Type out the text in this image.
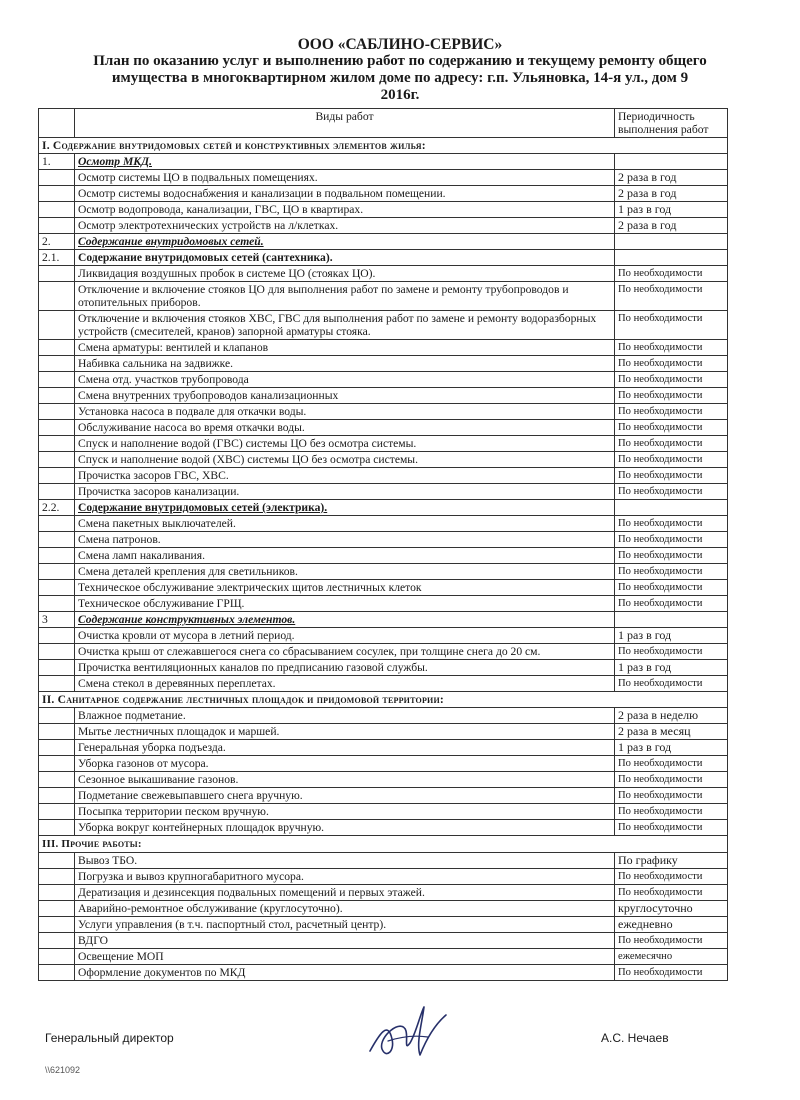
ООО «САБЛИНО-СЕРВИС»
План по оказанию услуг и выполнению работ по содержанию и текущему ремонту общего
имущества в многоквартирном жилом доме по адресу: г.п. Ульяновка, 14-я ул., дом 9
2016г.
	Виды работ	Периодичность выполнения работ
I. Содержание внутридомовых сетей и конструктивных элементов жилья:		
1.	Осмотр МКД.	
	Осмотр системы ЦО в подвальных помещениях.	2 раза в год
	Осмотр системы водоснабжения и канализации в подвальном помещении.	2 раза в год
	Осмотр водопровода, канализации, ГВС, ЦО в квартирах.	1 раз в год
	Осмотр электротехнических устройств на л/клетках.	2 раза в год
2.	Содержание внутридомовых сетей.	
2.1.	Содержание внутридомовых сетей (сантехника).	
	Ликвидация воздушных пробок в системе ЦО (стояках ЦО).	По необходимости
	Отключение и включение стояков ЦО для выполнения работ по замене и ремонту трубопроводов и отопительных приборов.	По необходимости
	Отключение и включения стояков ХВС, ГВС для выполнения работ по замене и ремонту водоразборных устройств (смесителей, кранов) запорной арматуры стояка.	По необходимости
	Смена арматуры: вентилей и клапанов	По необходимости
	Набивка сальника на задвижке.	По необходимости
	Смена отд. участков трубопровода	По необходимости
	Смена внутренних трубопроводов канализационных	По необходимости
	Установка насоса в подвале для откачки воды.	По необходимости
	Обслуживание насоса во время откачки воды.	По необходимости
	Спуск и наполнение водой (ГВС) системы ЦО без осмотра системы.	По необходимости
	Спуск и наполнение водой (ХВС) системы ЦО без осмотра системы.	По необходимости
	Прочистка засоров ГВС, ХВС.	По необходимости
	Прочистка засоров канализации.	По необходимости
2.2.	Содержание внутридомовых сетей (электрика).	
	Смена пакетных выключателей.	По необходимости
	Смена патронов.	По необходимости
	Смена ламп накаливания.	По необходимости
	Смена деталей крепления для светильников.	По необходимости
	Техническое обслуживание электрических щитов лестничных клеток	По необходимости
	Техническое обслуживание ГРЩ.	По необходимости
3	Содержание конструктивных элементов.	
	Очистка кровли от мусора в летний период.	1 раз в год
	Очистка крыш от слежавшегося снега со сбрасыванием сосулек, при толщине снега до 20 см.	По необходимости
	Прочистка вентиляционных каналов по предписанию газовой службы.	1 раз в год
	Смена стекол в деревянных переплетах.	По необходимости
II. Санитарное содержание лестничных площадок и придомовой территории:		
	Влажное подметание.	2 раза в неделю
	Мытье лестничных площадок и маршей.	2 раза в месяц
	Генеральная уборка подъезда.	1 раз в год
	Уборка газонов от мусора.	По необходимости
	Сезонное выкашивание газонов.	По необходимости
	Подметание свежевыпавшего снега вручную.	По необходимости
	Посыпка территории песком вручную.	По необходимости
	Уборка вокруг контейнерных площадок вручную.	По необходимости
III. Прочие работы:		
	Вывоз ТБО.	По графику
	Погрузка и вывоз крупногабаритного мусора.	По необходимости
	Дератизация и дезинсекция подвальных помещений и первых этажей.	По необходимости
	Аварийно-ремонтное обслуживание (круглосуточно).	круглосуточно
	Услуги управления (в т.ч. паспортный стол, расчетный центр).	ежедневно
	ВДГО	По необходимости
	Освещение МОП	ежемесячно
	Оформление документов по МКД	По необходимости
Генеральный директор	А.С. Нечаев
\\621092
